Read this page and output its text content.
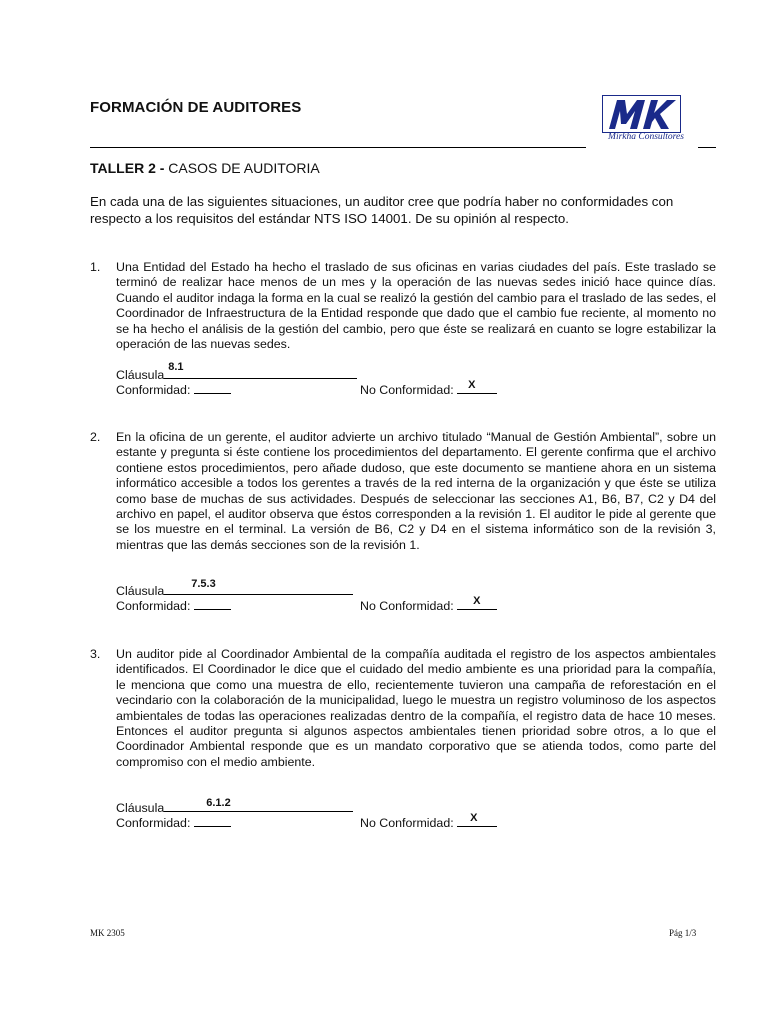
FORMACIÓN DE AUDITORES
MK
Mirkha Consultores
TALLER 2 - CASOS DE AUDITORIA
En cada una de las siguientes situaciones, un auditor cree que podría haber no conformidades con respecto a los requisitos del estándar NTS ISO 14001. De su opinión al respecto.
1. Una Entidad del Estado ha hecho el traslado de sus oficinas en varias ciudades del país. Este traslado se terminó de realizar hace menos de un mes y la operación de las nuevas sedes inició hace quince días. Cuando el auditor indaga la forma en la cual se realizó la gestión del cambio para el traslado de las sedes, el Coordinador de Infraestructura de la Entidad responde que dado que el cambio fue reciente, al momento no se ha hecho el análisis de la gestión del cambio, pero que éste se realizará en cuanto se logre estabilizar la operación de las nuevas sedes.
Cláusula
8.1
Conformidad:	No Conformidad: X
2. En la oficina de un gerente, el auditor advierte un archivo titulado “Manual de Gestión Ambiental”, sobre un estante y pregunta si éste contiene los procedimientos del departamento. El gerente confirma que el archivo contiene estos procedimientos, pero añade dudoso, que este documento se mantiene ahora en un sistema informático accesible a todos los gerentes a través de la red interna de la organización y que éste se utiliza como base de muchas de sus actividades. Después de seleccionar las secciones A1, B6, B7, C2 y D4 del archivo en papel, el auditor observa que éstos corresponden a la revisión 1. El auditor le pide al gerente que se los muestre en el terminal. La versión de B6, C2 y D4 en el sistema informático son de la revisión 3, mientras que las demás secciones son de la revisión 1.
Cláusula 7.5.3
Conformidad:	No Conformidad: X
3. Un auditor pide al Coordinador Ambiental de la compañía auditada el registro de los aspectos ambientales identificados. El Coordinador le dice que el cuidado del medio ambiente es una prioridad para la compañía, le menciona que como una muestra de ello, recientemente tuvieron una campaña de reforestación en el vecindario con la colaboración de la municipalidad, luego le muestra un registro voluminoso de los aspectos ambientales de todas las operaciones realizadas dentro de la compañía, el registro data de hace 10 meses. Entonces el auditor pregunta si algunos aspectos ambientales tienen prioridad sobre otros, a lo que el Coordinador Ambiental responde que es un mandato corporativo que se atienda todos, como parte del compromiso con el medio ambiente.
Cláusula	6.1.2
Conformidad:	No Conformidad: X
MK 2305	Pág 1/3
